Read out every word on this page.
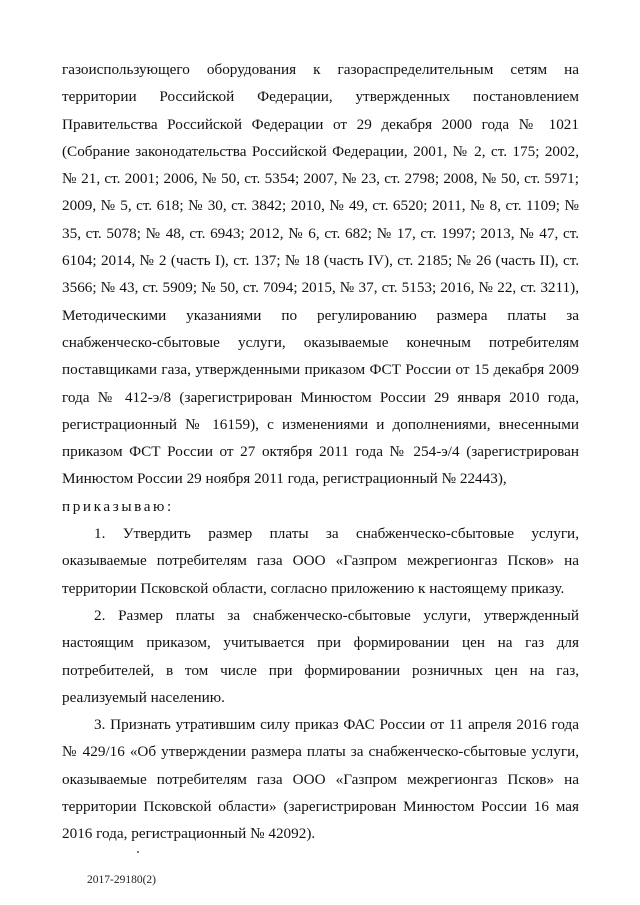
газоиспользующего оборудования к газораспределительным сетям на территории Российской Федерации, утвержденных постановлением Правительства Российской Федерации от 29 декабря 2000 года № 1021 (Собрание законодательства Российской Федерации, 2001, № 2, ст. 175; 2002, № 21, ст. 2001; 2006, № 50, ст. 5354; 2007, № 23, ст. 2798; 2008, № 50, ст. 5971; 2009, № 5, ст. 618; № 30, ст. 3842; 2010, № 49, ст. 6520; 2011, № 8, ст. 1109; № 35, ст. 5078; № 48, ст. 6943; 2012, № 6, ст. 682; № 17, ст. 1997; 2013, № 47, ст. 6104; 2014, № 2 (часть I), ст. 137; № 18 (часть IV), ст. 2185; № 26 (часть II), ст. 3566; № 43, ст. 5909; № 50, ст. 7094; 2015, № 37, ст. 5153; 2016, № 22, ст. 3211), Методическими указаниями по регулированию размера платы за снабженческо-сбытовые услуги, оказываемые конечным потребителям поставщиками газа, утвержденными приказом ФСТ России от 15 декабря 2009 года № 412-э/8 (зарегистрирован Минюстом России 29 января 2010 года, регистрационный № 16159), с изменениями и дополнениями, внесенными приказом ФСТ России от 27 октября 2011 года № 254-э/4 (зарегистрирован Минюстом России 29 ноября 2011 года, регистрационный № 22443),

приказываю:

1. Утвердить размер платы за снабженческо-сбытовые услуги, оказываемые потребителям газа ООО «Газпром межрегионгаз Псков» на территории Псковской области, согласно приложению к настоящему приказу.

2. Размер платы за снабженческо-сбытовые услуги, утвержденный настоящим приказом, учитывается при формировании цен на газ для потребителей, в том числе при формировании розничных цен на газ, реализуемый населению.

3. Признать утратившим силу приказ ФАС России от 11 апреля 2016 года № 429/16 «Об утверждении размера платы за снабженческо-сбытовые услуги, оказываемые потребителям газа ООО «Газпром межрегионгаз Псков» на территории Псковской области» (зарегистрирован Минюстом России 16 мая 2016 года, регистрационный № 42092).

2017-29180(2)
